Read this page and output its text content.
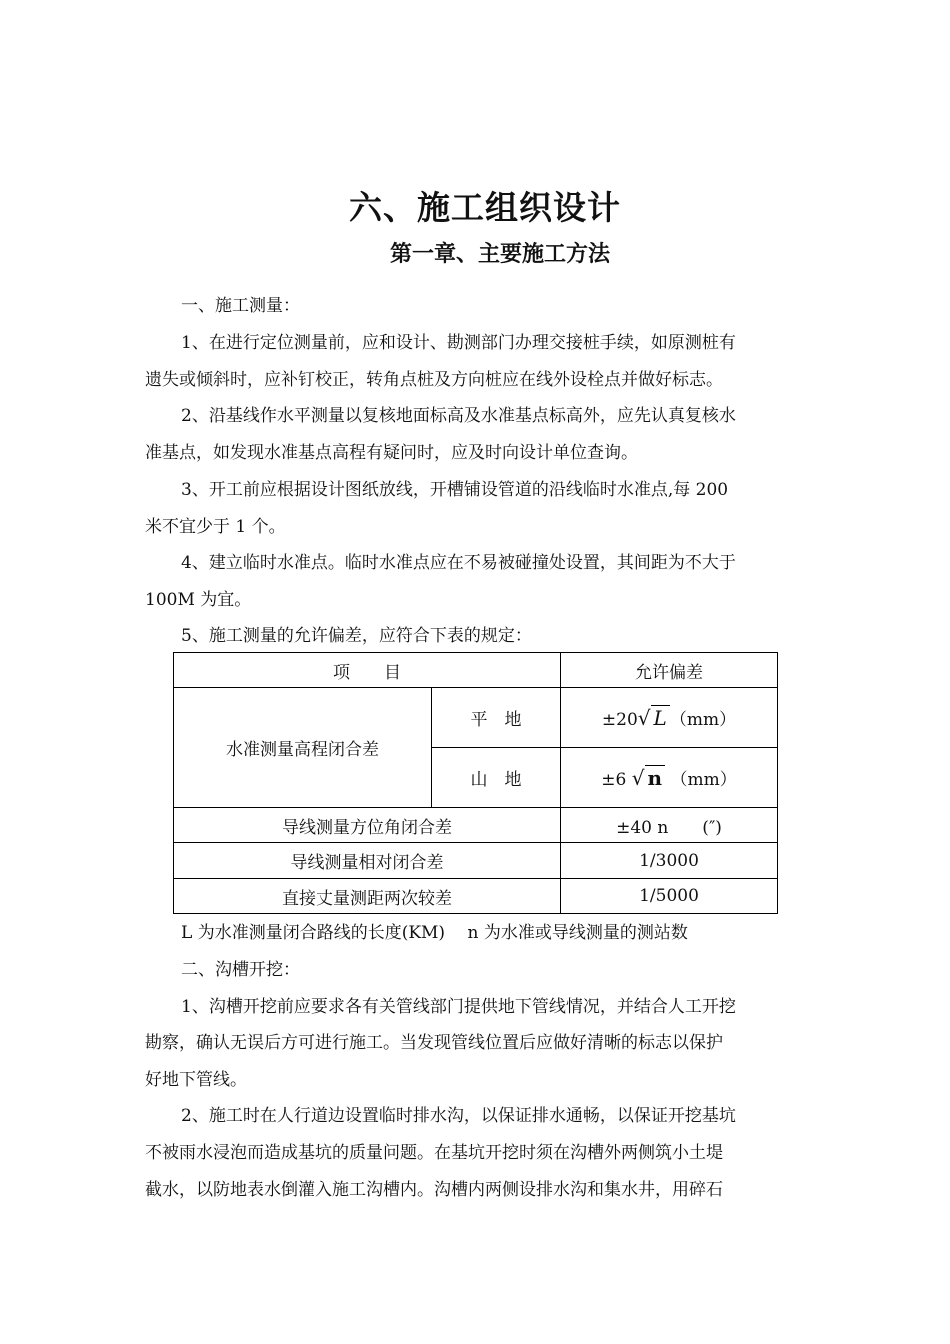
六、施工组织设计
第一章、主要施工方法
一、施工测量：
1、在进行定位测量前，应和设计、勘测部门办理交接桩手续，如原测桩有
遗失或倾斜时，应补钉校正，转角点桩及方向桩应在线外设栓点并做好标志。
2、沿基线作水平测量以复核地面标高及水准基点标高外，应先认真复核水
准基点，如发现水准基点高程有疑问时，应及时向设计单位查询。
3、开工前应根据设计图纸放线，开槽铺设管道的沿线临时水准点,每 200
米不宜少于 1 个。
4、建立临时水准点。临时水准点应在不易被碰撞处设置，其间距为不大于
100M 为宜。
5、施工测量的允许偏差，应符合下表的规定：
项　　目		允许偏差
水准测量高程闭合差	平　地	±20√ L （mm）
	山　地	±6 √ n （mm）
导线测量方位角闭合差		±40 n　　(″)
导线测量相对闭合差		1/3000
直接丈量测距两次较差		1/5000
L 为水准测量闭合路线的长度(KM)　 n 为水准或导线测量的测站数
二、沟槽开挖：
1、沟槽开挖前应要求各有关管线部门提供地下管线情况，并结合人工开挖
勘察，确认无误后方可进行施工。当发现管线位置后应做好清晰的标志以保护
好地下管线。
2、施工时在人行道边设置临时排水沟，以保证排水通畅，以保证开挖基坑
不被雨水浸泡而造成基坑的质量问题。在基坑开挖时须在沟槽外两侧筑小土堤
截水，以防地表水倒灌入施工沟槽内。沟槽内两侧设排水沟和集水井，用碎石
